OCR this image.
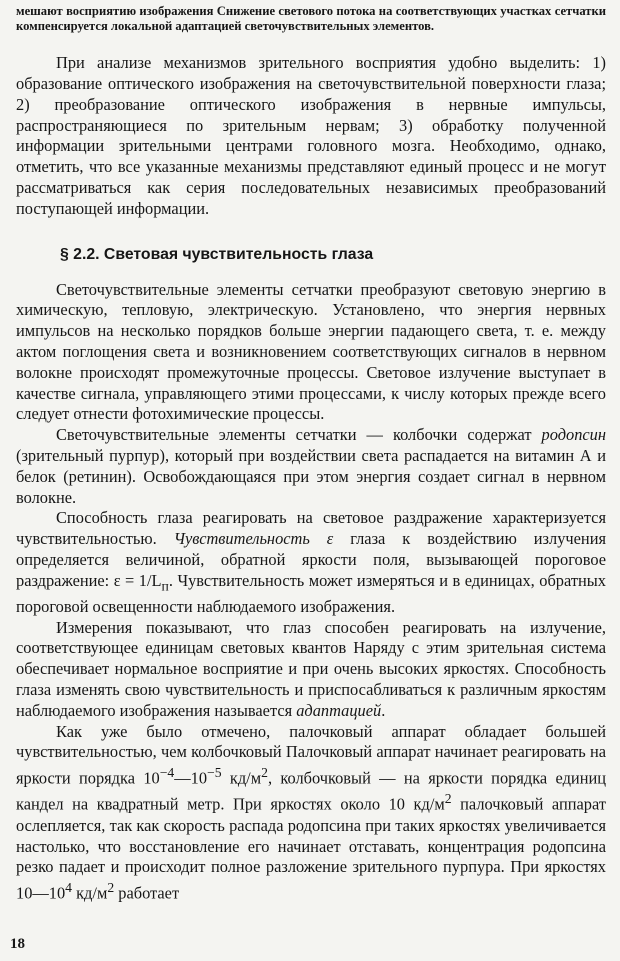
мешают восприятию изображения Снижение светового потока на соответствующих участках сетчатки компенсируется локальной адаптацией светочувствительных элементов.

При анализе механизмов зрительного восприятия удобно выделить: 1) образование оптического изображения на светочувствительной поверхности глаза; 2) преобразование оптического изображения в нервные импульсы, распространяющиеся по зрительным нервам; 3) обработку полученной информации зрительными центрами головного мозга. Необходимо, однако, отметить, что все указанные механизмы представляют единый процесс и не могут рассматриваться как серия последовательных независимых преобразований поступающей информации.

§ 2.2. Световая чувствительность глаза

Светочувствительные элементы сетчатки преобразуют световую энергию в химическую, тепловую, электрическую. Установлено, что энергия нервных импульсов на несколько порядков больше энергии падающего света, т. е. между актом поглощения света и возникновением соответствующих сигналов в нервном волокне происходят промежуточные процессы. Световое излучение выступает в качестве сигнала, управляющего этими процессами, к числу которых прежде всего следует отнести фотохимические процессы.

Светочувствительные элементы сетчатки — колбочки содержат родопсин (зрительный пурпур), который при воздействии света распадается на витамин А и белок (ретинин). Освобождающаяся при этом энергия создает сигнал в нервном волокне.

Способность глаза реагировать на световое раздражение характеризуется чувствительностью. Чувствительность ε глаза к воздействию излучения определяется величиной, обратной яркости поля, вызывающей пороговое раздражение: $\varepsilon = 1/L_п$. Чувствительность может измеряться и в единицах, обратных пороговой освещенности наблюдаемого изображения.

Измерения показывают, что глаз способен реагировать на излучение, соответствующее единицам световых квантов Наряду с этим зрительная система обеспечивает нормальное восприятие и при очень высоких яркостях. Способность глаза изменять свою чувствительность и приспосабливаться к различным яркостям наблюдаемого изображения называется адаптацией.

Как уже было отмечено, палочковый аппарат обладает большей чувствительностью, чем колбочковый Палочковый аппарат начинает реагировать на яркости порядка $10^{-4}—10^{-5}$ $кд/м^2$, колбочковый — на яркости порядка единиц кандел на квадратный метр. При яркостях около 10 $кд/м^2$ палочковый аппарат ослепляется, так как скорость распада родопсина при таких яркостях увеличивается настолько, что восстановление его начинает отставать, концентрация родопсина резко падает и происходит полное разложение зрительного пурпура. При яркостях $10—10^4$ $кд/м^2$ работает

18
